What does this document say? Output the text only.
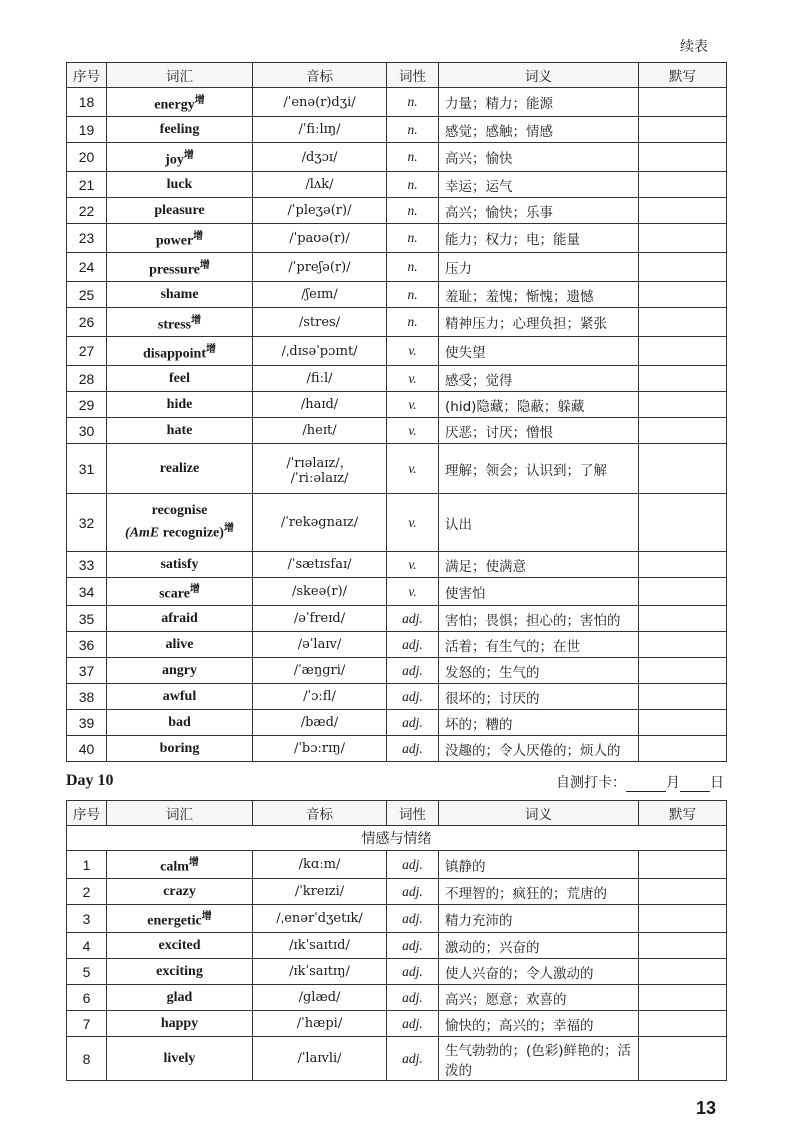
续表
序号	词汇	音标	词性	词义	默写
18	energy$^增$	/ˈenə(r)dʒi/	n.	力量；精力；能源	
19	feeling	/ˈfiːlɪŋ/	n.	感觉；感触；情感	
20	joy$^增$	/dʒɔɪ/	n.	高兴；愉快	
21	luck	/lʌk/	n.	幸运；运气	
22	pleasure	/ˈpleʒə(r)/	n.	高兴；愉快；乐事	
23	power$^增$	/ˈpaʊə(r)/	n.	能力；权力；电；能量	
24	pressure$^增$	/ˈpreʃə(r)/	n.	压力	
25	shame	/ʃeɪm/	n.	羞耻；羞愧；惭愧；遗憾	
26	stress$^增$	/stres/	n.	精神压力；心理负担；紧张	
27	disappoint$^增$	/ˌdɪsəˈpɔɪnt/	v.	使失望	
28	feel	/fiːl/	v.	感受；觉得	
29	hide	/haɪd/	v.	(hid)隐藏；隐蔽；躲藏	
30	hate	/heɪt/	v.	厌恶；讨厌；憎恨	
31	realize	/ˈrɪəlaɪz/，
/ˈriːəlaɪz/	v.	理解；领会；认识到；了解	
32	recognise
(AmE recognize)$^增$	/ˈrekəgnaɪz/	v.	认出	
33	satisfy	/ˈsætɪsfaɪ/	v.	满足；使满意	
34	scare$^增$	/skeə(r)/	v.	使害怕	
35	afraid	/əˈfreɪd/	adj.	害怕；畏惧；担心的；害怕的	
36	alive	/əˈlaɪv/	adj.	活着；有生气的；在世	
37	angry	/ˈæŋgri/	adj.	发怒的；生气的	
38	awful	/ˈɔːfl/	adj.	很坏的；讨厌的	
39	bad	/bæd/	adj.	坏的；糟的	
40	boring	/ˈbɔːrɪŋ/	adj.	没趣的；令人厌倦的；烦人的	
Day 10	自测打卡：	月 日
序号	词汇	音标	词性	词义	默写
情感与情绪					
1	calm$^增$	/kɑːm/	adj.	镇静的	
2	crazy	/ˈkreɪzi/	adj.	不理智的；疯狂的；荒唐的	
3	energetic$^增$	/ˌenərˈdʒetɪk/	adj.	精力充沛的	
4	excited	/ɪkˈsaɪtɪd/	adj.	激动的；兴奋的	
5	exciting	/ɪkˈsaɪtɪŋ/	adj.	使人兴奋的；令人激动的	
6	glad	/glæd/	adj.	高兴；愿意；欢喜的	
7	happy	/ˈhæpi/	adj.	愉快的；高兴的；幸福的	
8	lively	/ˈlaɪvli/	adj.	生气勃勃的；(色彩)鲜艳的；活泼的	
13
